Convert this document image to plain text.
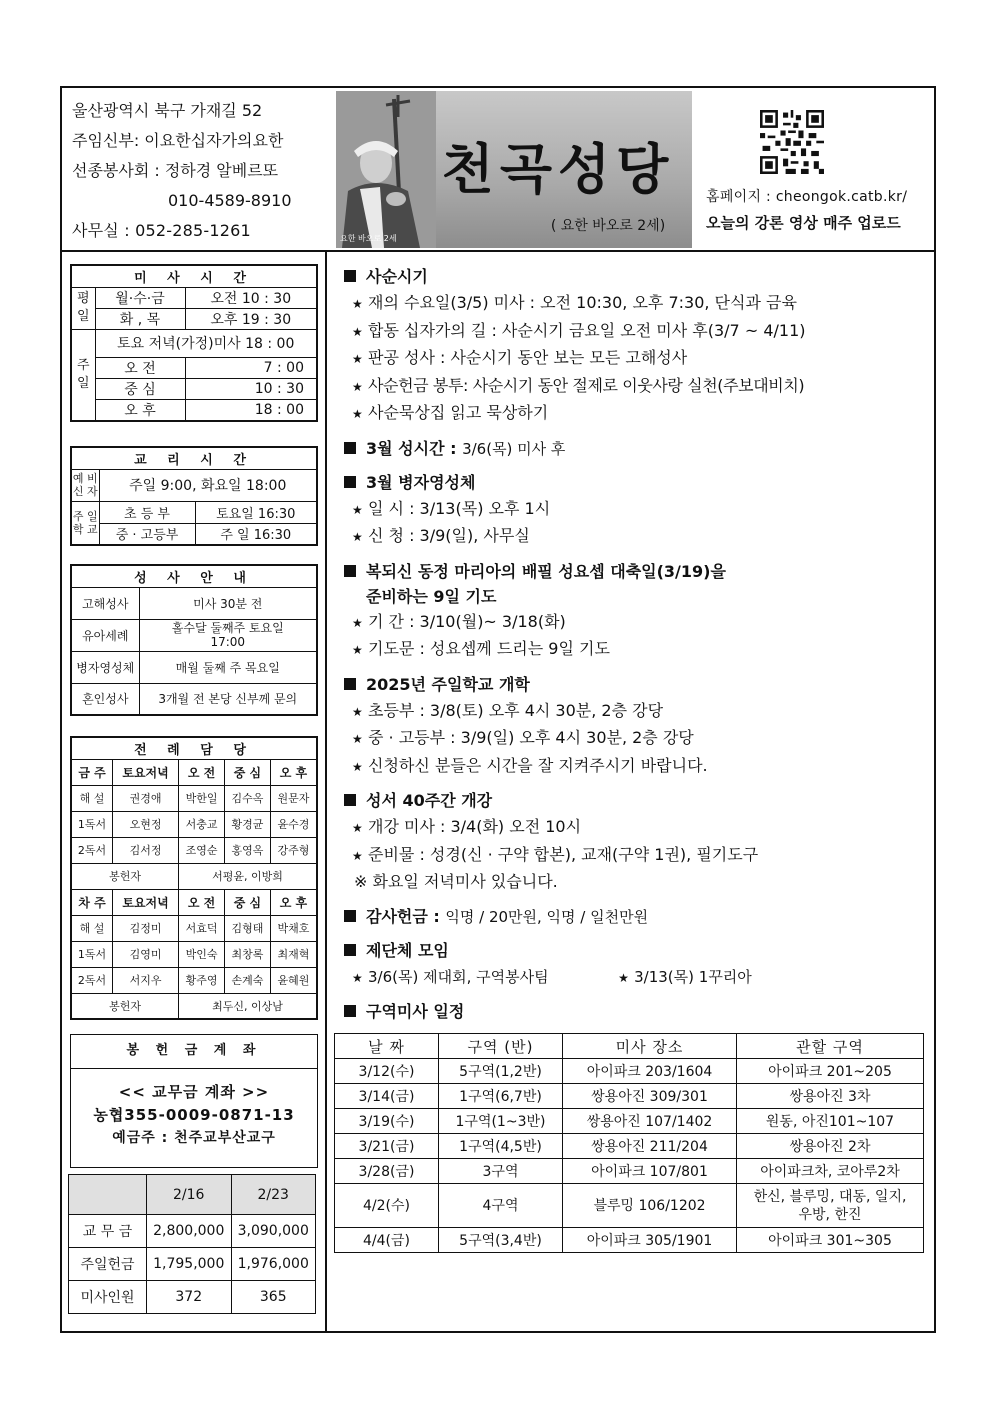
울산광역시 북구 가재길 52
주임신부: 이요한십자가의요한
선종봉사회 : 정하경 알베르또
010-4589-8910
사무실 : 052-285-1261	요한 바오로 2세
천곡성당
( 요한 바오로 2세)
홈페이지 : cheongok.catb.kr/
오늘의 강론 영상 매주 업로드
미 사 시 간		
평 일	월·수·금	오전 10 : 30
	화 , 목	오후 19 : 30
주 일	토요 저녁(가정)미사 18 : 00	
	오 전	7 : 00
	중 심	10 : 30
	오 후	18 : 00
교 리 시 간		
예 비 신 자	주일 9:00, 화요일 18:00	
주 일 학 교	초 등 부	토요일 16:30
	중 · 고등부	주 일 16:30
성 사 안 내	
고해성사	미사 30분 전
유아세례	홀수달 둘째주 토요일 17:00
병자영성체	매월 둘째 주 목요일
혼인성사	3개월 전 본당 신부께 문의
전 례 담 당				
금 주	토요저녁	오 전	중 심	오 후
해 설	권경애	박한일	김수옥	원문자
1독서	오현정	서충교	황경균	윤수경
2독서	김서정	조영순	홍영옥	강주형
봉헌자		서평윤, 이방희		
차 주	토요저녁	오 전	중 심	오 후
해 설	김정미	서효덕	김형태	박채호
1독서	김영미	박인숙	최창록	최재혁
2독서	서지우	황주영	손계숙	윤혜원
봉헌자		최두신, 이상남		
봉 헌 금 계 좌
<< 교무금 계좌 >>
농협355-0009-0871-13
예금주 : 천주교부산교구
	2/16	2/23
교 무 금	2,800,000	3,090,000
주일헌금	1,795,000	1,976,000
미사인원	372	365
사순시기
★ 재의 수요일(3/5) 미사 : 오전 10:30, 오후 7:30, 단식과 금육
★ 합동 십자가의 길 : 사순시기 금요일 오전 미사 후(3/7 ~ 4/11)
★ 판공 성사 : 사순시기 동안 보는 모든 고해성사
★ 사순헌금 봉투: 사순시기 동안 절제로 이웃사랑 실천(주보대비치)
★ 사순묵상집 읽고 묵상하기
3월 성시간 : 3/6(목) 미사 후
3월 병자영성체
★ 일 시 : 3/13(목) 오후 1시
★ 신 청 : 3/9(일), 사무실
복되신 동정 마리아의 배필 성요셉 대축일(3/19)을
준비하는 9일 기도
★ 기 간 : 3/10(월)~ 3/18(화)
★ 기도문 : 성요셉께 드리는 9일 기도
2025년 주일학교 개학
★ 초등부 : 3/8(토) 오후 4시 30분, 2층 강당
★ 중 · 고등부 : 3/9(일) 오후 4시 30분, 2층 강당
★ 신청하신 분들은 시간을 잘 지켜주시기 바랍니다.
성서 40주간 개강
★ 개강 미사 : 3/4(화) 오전 10시
★ 준비물 : 성경(신 · 구약 합본), 교재(구약 1권), 필기도구
※ 화요일 저녁미사 있습니다.
감사헌금 : 익명 / 20만원, 익명 / 일천만원
제단체 모임
★ 3/6(목) 제대회, 구역봉사팀	★ 3/13(목) 1꾸리아
구역미사 일정
날 짜	구역 (반)	미사 장소	관할 구역
3/12(수)	5구역(1,2반)	아이파크 203/1604	아이파크 201~205
3/14(금)	1구역(6,7반)	쌍용아진 309/301	쌍용아진 3차
3/19(수)	1구역(1~3반)	쌍용아진 107/1402	원동, 아진101~107
3/21(금)	1구역(4,5반)	쌍용아진 211/204	쌍용아진 2차
3/28(금)	3구역	아이파크 107/801	아이파크차, 코아루2차
4/2(수)	4구역	블루밍 106/1202	한신, 블루밍, 대동, 일지, 우방, 한진
4/4(금)	5구역(3,4반)	아이파크 305/1901	아이파크 301~305
